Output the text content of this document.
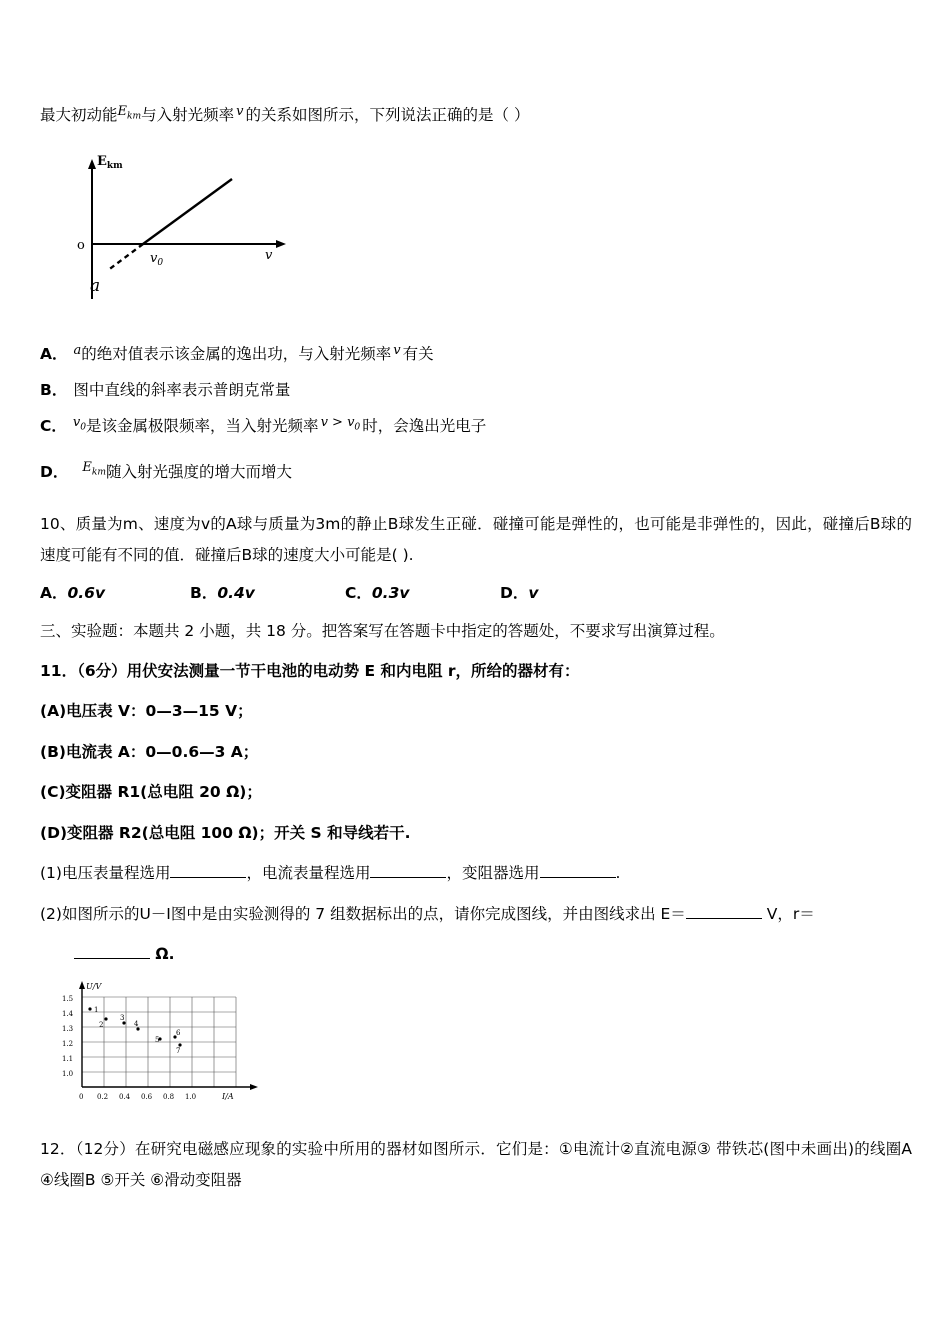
最大初动能$^{E_{km}}$与入射光频率 $^v$ 的关系如图所示，下列说法正确的是（ ）
$E_{km}$
o
v
$v_0$
a
A． $^a$的绝对值表示该金属的逸出功，与入射光频率 $^v$ 有关
B． 图中直线的斜率表示普朗克常量
C． $^{v_0}$是该金属极限频率，当入射光频率 $^{v > v_0}$ 时，会逸出光电子
D． $^{E_{km}}$随入射光强度的增大而增大
10、质量为m、速度为v的A球与质量为3m的静止B球发生正碰．碰撞可能是弹性的，也可能是非弹性的，因此，碰撞后B球的速度可能有不同的值．碰撞后B球的速度大小可能是( ).
A．0.6v	B．0.4v	C．0.3v	D．v
三、实验题：本题共 2 小题，共 18 分。把答案写在答题卡中指定的答题处，不要求写出演算过程。
11．（6分）用伏安法测量一节干电池的电动势 E 和内电阻 r，所给的器材有：
(A)电压表 V：0—3—15 V；
(B)电流表 A：0—0.6—3 A；
(C)变阻器 R1(总电阻 20 Ω)；
(D)变阻器 R2(总电阻 100 Ω)；开关 S 和导线若干.
(1)电压表量程选用	，电流表量程选用	，变阻器选用	.
(2)如图所示的U－I图中是由实验测得的 7 组数据标出的点，请你完成图线，并由图线求出 E＝	V，r＝
Ω.
1.5
1.4
1.3
1.2
1.1
1.0
0 0.2 0.4 0.6 0.8 1.0
U/V
I/A
1
2
3
4
5
6
7
12．（12分）在研究电磁感应现象的实验中所用的器材如图所示．它们是：①电流计②直流电源③ 带铁芯(图中未画出)的线圈A ④线圈B ⑤开关 ⑥滑动变阻器
